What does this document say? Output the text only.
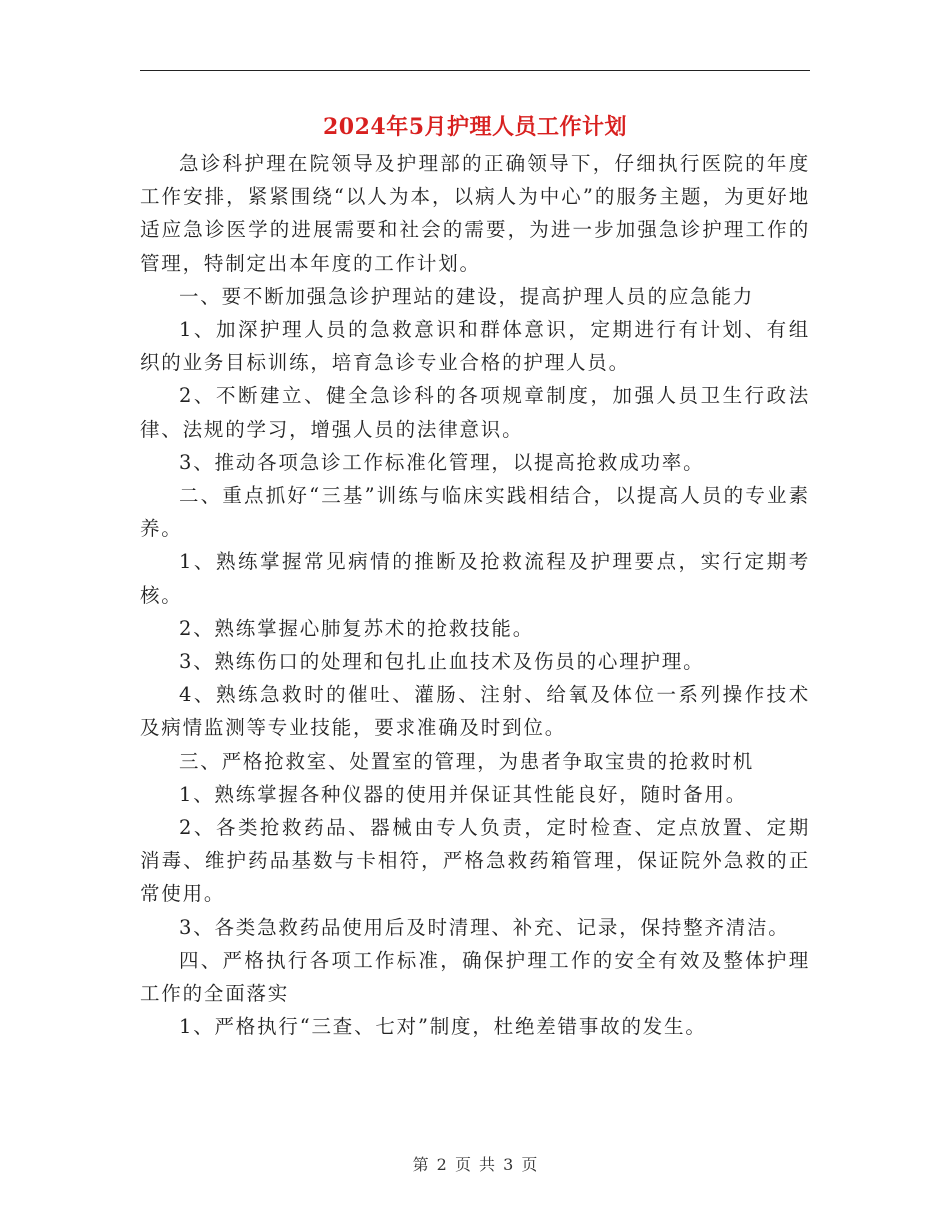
2024年5月护理人员工作计划

急诊科护理在院领导及护理部的正确领导下，仔细执行医院的年度工作安排，紧紧围绕“以人为本，以病人为中心”的服务主题，为更好地适应急诊医学的进展需要和社会的需要，为进一步加强急诊护理工作的管理，特制定出本年度的工作计划。

一、要不断加强急诊护理站的建设，提高护理人员的应急能力

1、加深护理人员的急救意识和群体意识，定期进行有计划、有组织的业务目标训练，培育急诊专业合格的护理人员。

2、不断建立、健全急诊科的各项规章制度，加强人员卫生行政法律、法规的学习，增强人员的法律意识。

3、推动各项急诊工作标准化管理，以提高抢救成功率。

二、重点抓好“三基”训练与临床实践相结合，以提高人员的专业素养。

1、熟练掌握常见病情的推断及抢救流程及护理要点，实行定期考核。

2、熟练掌握心肺复苏术的抢救技能。

3、熟练伤口的处理和包扎止血技术及伤员的心理护理。

4、熟练急救时的催吐、灌肠、注射、给氧及体位一系列操作技术及病情监测等专业技能，要求准确及时到位。

三、严格抢救室、处置室的管理，为患者争取宝贵的抢救时机

1、熟练掌握各种仪器的使用并保证其性能良好，随时备用。

2、各类抢救药品、器械由专人负责，定时检查、定点放置、定期消毒、维护药品基数与卡相符，严格急救药箱管理，保证院外急救的正常使用。

3、各类急救药品使用后及时清理、补充、记录，保持整齐清洁。

四、严格执行各项工作标准，确保护理工作的安全有效及整体护理工作的全面落实

1、严格执行“三查、七对”制度，杜绝差错事故的发生。

第 2 页 共 3 页
